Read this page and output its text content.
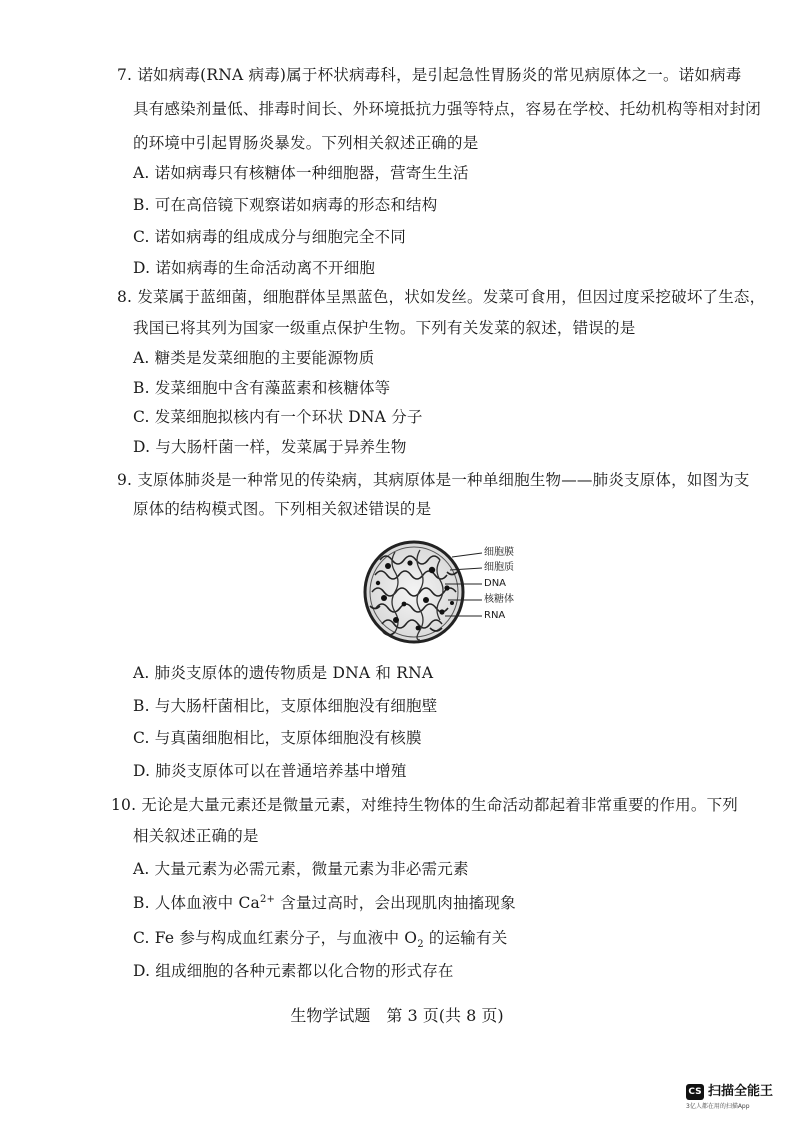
7. 诺如病毒(RNA 病毒)属于杯状病毒科，是引起急性胃肠炎的常见病原体之一。诺如病毒
具有感染剂量低、排毒时间长、外环境抵抗力强等特点，容易在学校、托幼机构等相对封闭
的环境中引起胃肠炎暴发。下列相关叙述正确的是
A. 诺如病毒只有核糖体一种细胞器，营寄生生活
B. 可在高倍镜下观察诺如病毒的形态和结构
C. 诺如病毒的组成成分与细胞完全不同
D. 诺如病毒的生命活动离不开细胞
8. 发菜属于蓝细菌，细胞群体呈黑蓝色，状如发丝。发菜可食用，但因过度采挖破坏了生态，
我国已将其列为国家一级重点保护生物。下列有关发菜的叙述，错误的是
A. 糖类是发菜细胞的主要能源物质
B. 发菜细胞中含有藻蓝素和核糖体等
C. 发菜细胞拟核内有一个环状 DNA 分子
D. 与大肠杆菌一样，发菜属于异养生物
9. 支原体肺炎是一种常见的传染病，其病原体是一种单细胞生物——肺炎支原体，如图为支
原体的结构模式图。下列相关叙述错误的是
细胞膜
细胞质
DNA
核糖体
RNA
A. 肺炎支原体的遗传物质是 DNA 和 RNA
B. 与大肠杆菌相比，支原体细胞没有细胞壁
C. 与真菌细胞相比，支原体细胞没有核膜
D. 肺炎支原体可以在普通培养基中增殖
10. 无论是大量元素还是微量元素，对维持生物体的生命活动都起着非常重要的作用。下列
相关叙述正确的是
A. 大量元素为必需元素，微量元素为非必需元素
B. 人体血液中 $Ca^{2+}$ 含量过高时，会出现肌肉抽搐现象
C. Fe 参与构成血红素分子，与血液中 $O_2$ 的运输有关
D. 组成细胞的各种元素都以化合物的形式存在
生物学试题　第 3 页(共 8 页)
CS 扫描全能王
3亿人都在用的扫描App
